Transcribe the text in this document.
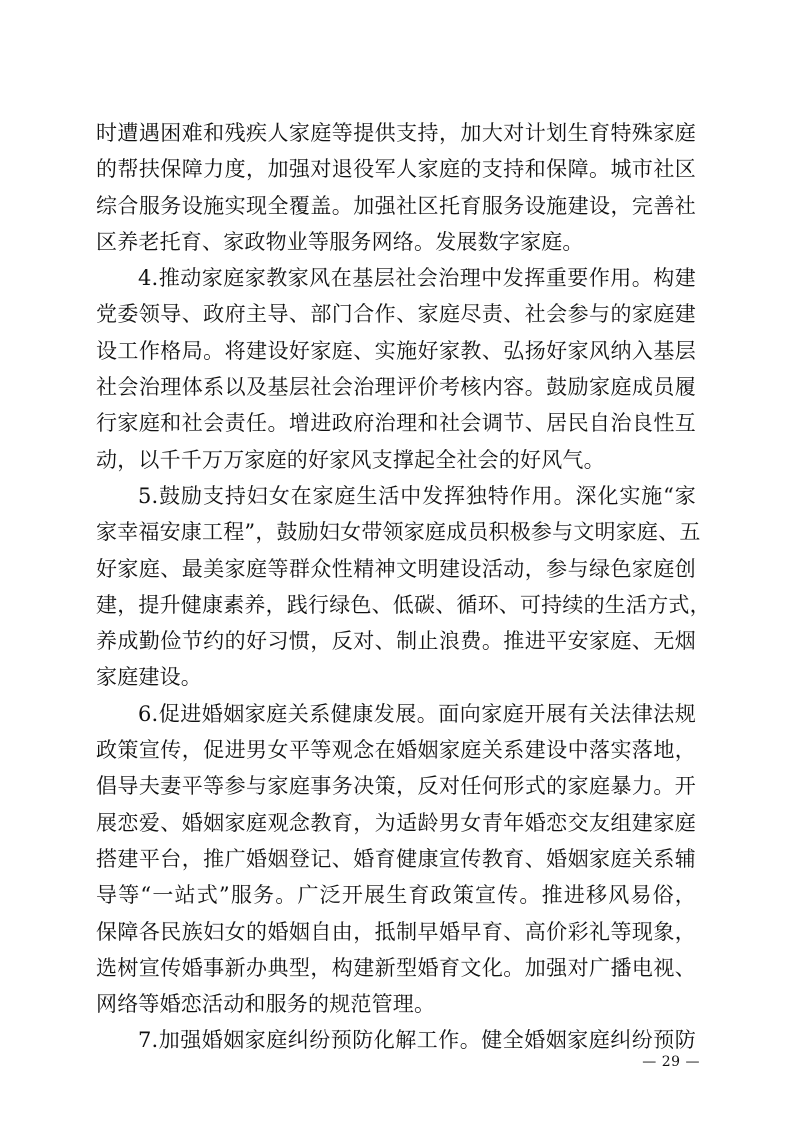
时遭遇困难和残疾人家庭等提供支持，加大对计划生育特殊家庭
的帮扶保障力度，加强对退役军人家庭的支持和保障。城市社区
综合服务设施实现全覆盖。加强社区托育服务设施建设，完善社
区养老托育、家政物业等服务网络。发展数字家庭。
4.推动家庭家教家风在基层社会治理中发挥重要作用。构建
党委领导、政府主导、部门合作、家庭尽责、社会参与的家庭建
设工作格局。将建设好家庭、实施好家教、弘扬好家风纳入基层
社会治理体系以及基层社会治理评价考核内容。鼓励家庭成员履
行家庭和社会责任。增进政府治理和社会调节、居民自治良性互
动，以千千万万家庭的好家风支撑起全社会的好风气。
5.鼓励支持妇女在家庭生活中发挥独特作用。深化实施“家
家幸福安康工程”，鼓励妇女带领家庭成员积极参与文明家庭、五
好家庭、最美家庭等群众性精神文明建设活动，参与绿色家庭创
建，提升健康素养，践行绿色、低碳、循环、可持续的生活方式，
养成勤俭节约的好习惯，反对、制止浪费。推进平安家庭、无烟
家庭建设。
6.促进婚姻家庭关系健康发展。面向家庭开展有关法律法规
政策宣传，促进男女平等观念在婚姻家庭关系建设中落实落地，
倡导夫妻平等参与家庭事务决策，反对任何形式的家庭暴力。开
展恋爱、婚姻家庭观念教育，为适龄男女青年婚恋交友组建家庭
搭建平台，推广婚姻登记、婚育健康宣传教育、婚姻家庭关系辅
导等“一站式”服务。广泛开展生育政策宣传。推进移风易俗，
保障各民族妇女的婚姻自由，抵制早婚早育、高价彩礼等现象，
选树宣传婚事新办典型，构建新型婚育文化。加强对广播电视、
网络等婚恋活动和服务的规范管理。
7.加强婚姻家庭纠纷预防化解工作。健全婚姻家庭纠纷预防
— 29 —
